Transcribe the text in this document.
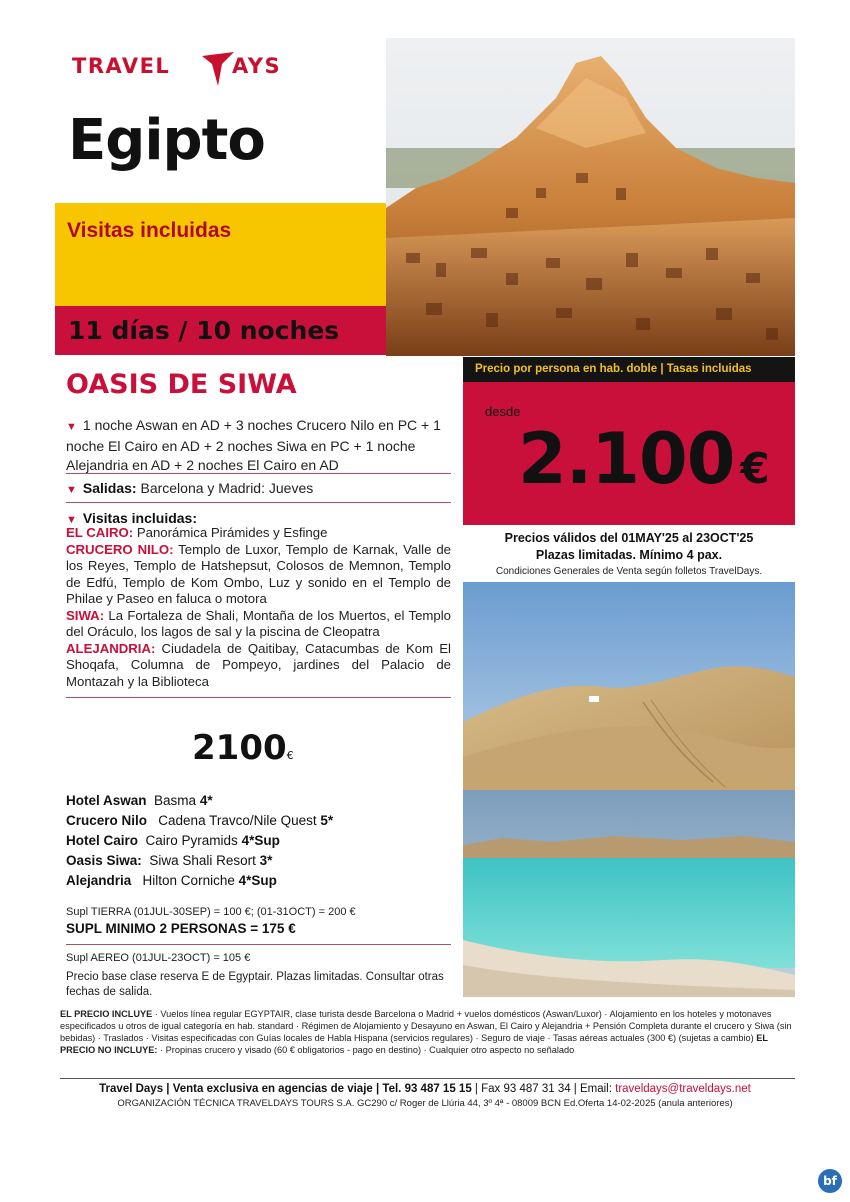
TRAVEL	AYS
Egipto
Visitas incluidas
11 días / 10 noches
OASIS DE SIWA
▼ 1 noche Aswan en AD + 3 noches Crucero Nilo en PC + 1 noche El Cairo en AD + 2 noches Siwa en PC + 1 noche Alejandria en AD + 2 noches El Cairo en AD
▼ Salidas: Barcelona y Madrid: Jueves
▼ Visitas incluidas:

EL CAIRO: Panorámica Pirámides y Esfinge

CRUCERO NILO: Templo de Luxor, Templo de Karnak, Valle de los Reyes, Templo de Hatshepsut, Colosos de Memnon, Templo de Edfú, Templo de Kom Ombo, Luz y sonido en el Templo de Philae y Paseo en faluca o motora

SIWA: La Fortaleza de Shali, Montaña de los Muertos, el Templo del Oráculo, los lagos de sal y la piscina de Cleopatra

ALEJANDRIA: Ciudadela de Qaitibay, Catacumbas de Kom El Shoqafa, Columna de Pompeyo, jardines del Palacio de Montazah y la Biblioteca

2100€
Hotel Aswan Basma 4*
Crucero Nilo Cadena Travco/Nile Quest 5*
Hotel Cairo Cairo Pyramids 4*Sup
Oasis Siwa: Siwa Shali Resort 3*
Alejandria Hilton Corniche 4*Sup
Supl TIERRA (01JUL-30SEP) = 100 €; (01-31OCT) = 200 €
SUPL MINIMO 2 PERSONAS = 175 €
Supl AEREO (01JUL-23OCT) = 105 €
Precio base clase reserva E de Egyptair. Plazas limitadas. Consultar otras fechas de salida.
Precio por persona en hab. doble | Tasas incluidas
desde
2.100 €
Precios válidos del 01MAY'25 al 23OCT'25
Plazas limitadas. Mínimo 4 pax.
Condiciones Generales de Venta según folletos TravelDays.
EL PRECIO INCLUYE · Vuelos línea regular EGYPTAIR, clase turista desde Barcelona o Madrid + vuelos domésticos (Aswan/Luxor) · Alojamiento en los hoteles y motonaves especificados u otros de igual categoría en hab. standard · Régimen de Alojamiento y Desayuno en Aswan, El Cairo y Alejandria + Pensión Completa durante el crucero y Siwa (sin bebidas) · Traslados · Visitas especificadas con Guías locales de Habla Hispana (servicios regulares) · Seguro de viaje · Tasas aéreas actuales (300 €) (sujetas a cambio) EL PRECIO NO INCLUYE: · Propinas crucero y visado (60 € obligatorios - pago en destino) · Cualquier otro aspecto no señalado
Travel Days | Venta exclusiva en agencias de viaje | Tel. 93 487 15 15 | Fax 93 487 31 34 | Email: traveldays@traveldays.net
ORGANIZACIÓN TÉCNICA TRAVELDAYS TOURS S.A. GC290 c/ Roger de Llúria 44, 3º 4ª - 08009 BCN Ed.Oferta 14-02-2025 (anula anteriores)
bf
